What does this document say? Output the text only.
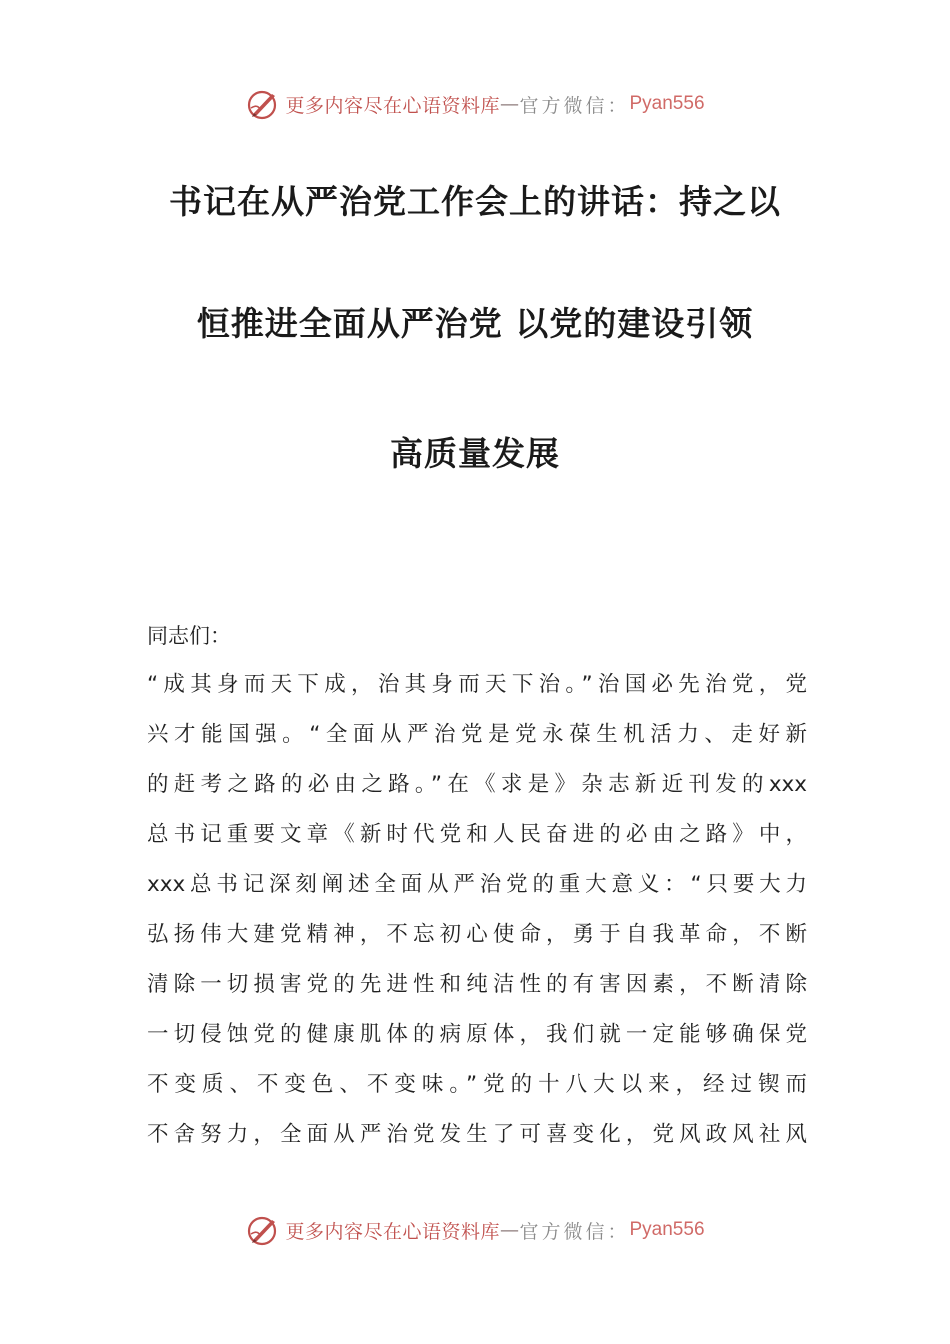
更多内容尽在心语资料库 — 官方微信： Pyan556
书记在从严治党工作会上的讲话：持之以
恒推进全面从严治党 以党的建设引领
高质量发展
同志们：
“成其身而天下成，治其身而天下治。”治国必先治党，党
兴才能国强。“全面从严治党是党永葆生机活力、走好新
的赶考之路的必由之路。”在《求是》杂志新近刊发的xxx
总书记重要文章《新时代党和人民奋进的必由之路》中，
xxx总书记深刻阐述全面从严治党的重大意义：“只要大力
弘扬伟大建党精神，不忘初心使命，勇于自我革命，不断
清除一切损害党的先进性和纯洁性的有害因素，不断清除
一切侵蚀党的健康肌体的病原体，我们就一定能够确保党
不变质、不变色、不变味。”党的十八大以来，经过锲而
不舍努力，全面从严治党发生了可喜变化，党风政风社风
更多内容尽在心语资料库 — 官方微信： Pyan556
